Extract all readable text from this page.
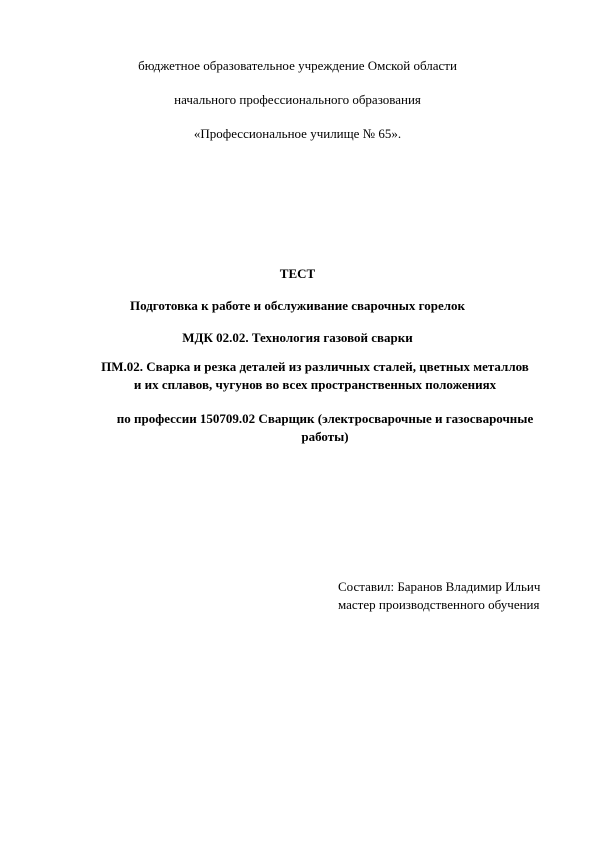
бюджетное образовательное учреждение Омской области
начального профессионального образования
«Профессиональное училище № 65».
ТЕСТ
Подготовка к работе и обслуживание сварочных горелок
МДК 02.02. Технология газовой сварки
ПМ.02. Сварка и резка деталей из различных сталей, цветных металлов
и их сплавов, чугунов во всех пространственных положениях
по профессии 150709.02 Сварщик (электросварочные и газосварочные
работы)
Составил: Баранов Владимир Ильич
мастер производственного обучения
